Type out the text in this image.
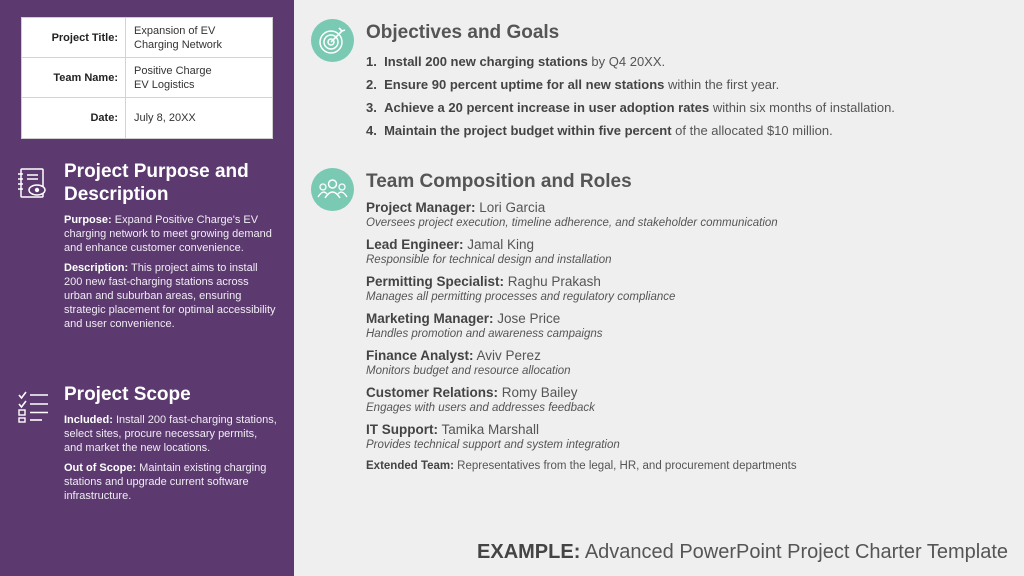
Project Title:
Expansion of EV
Charging Network
Team Name:
Positive Charge
EV Logistics
Date:	July 8, 20XX
Project Purpose and Description
Purpose: Expand Positive Charge's EV charging network to meet growing demand and enhance customer convenience.
Description: This project aims to install 200 new fast-charging stations across urban and suburban areas, ensuring strategic placement for optimal accessibility and user convenience.
Project Scope
Included: Install 200 fast-charging stations, select sites, procure necessary permits, and market the new locations.
Out of Scope: Maintain existing charging stations and upgrade current software infrastructure.
Objectives and Goals
1. Install 200 new charging stations by Q4 20XX.
2. Ensure 90 percent uptime for all new stations within the first year.
3. Achieve a 20 percent increase in user adoption rates within six months of installation.
4. Maintain the project budget within five percent of the allocated $10 million.
Team Composition and Roles
Project Manager: Lori Garcia
Oversees project execution, timeline adherence, and stakeholder communication
Lead Engineer: Jamal King
Responsible for technical design and installation
Permitting Specialist: Raghu Prakash
Manages all permitting processes and regulatory compliance
Marketing Manager: Jose Price
Handles promotion and awareness campaigns
Finance Analyst: Aviv Perez
Monitors budget and resource allocation
Customer Relations: Romy Bailey
Engages with users and addresses feedback
IT Support: Tamika Marshall
Provides technical support and system integration
Extended Team: Representatives from the legal, HR, and procurement departments
EXAMPLE: Advanced PowerPoint Project Charter Template
